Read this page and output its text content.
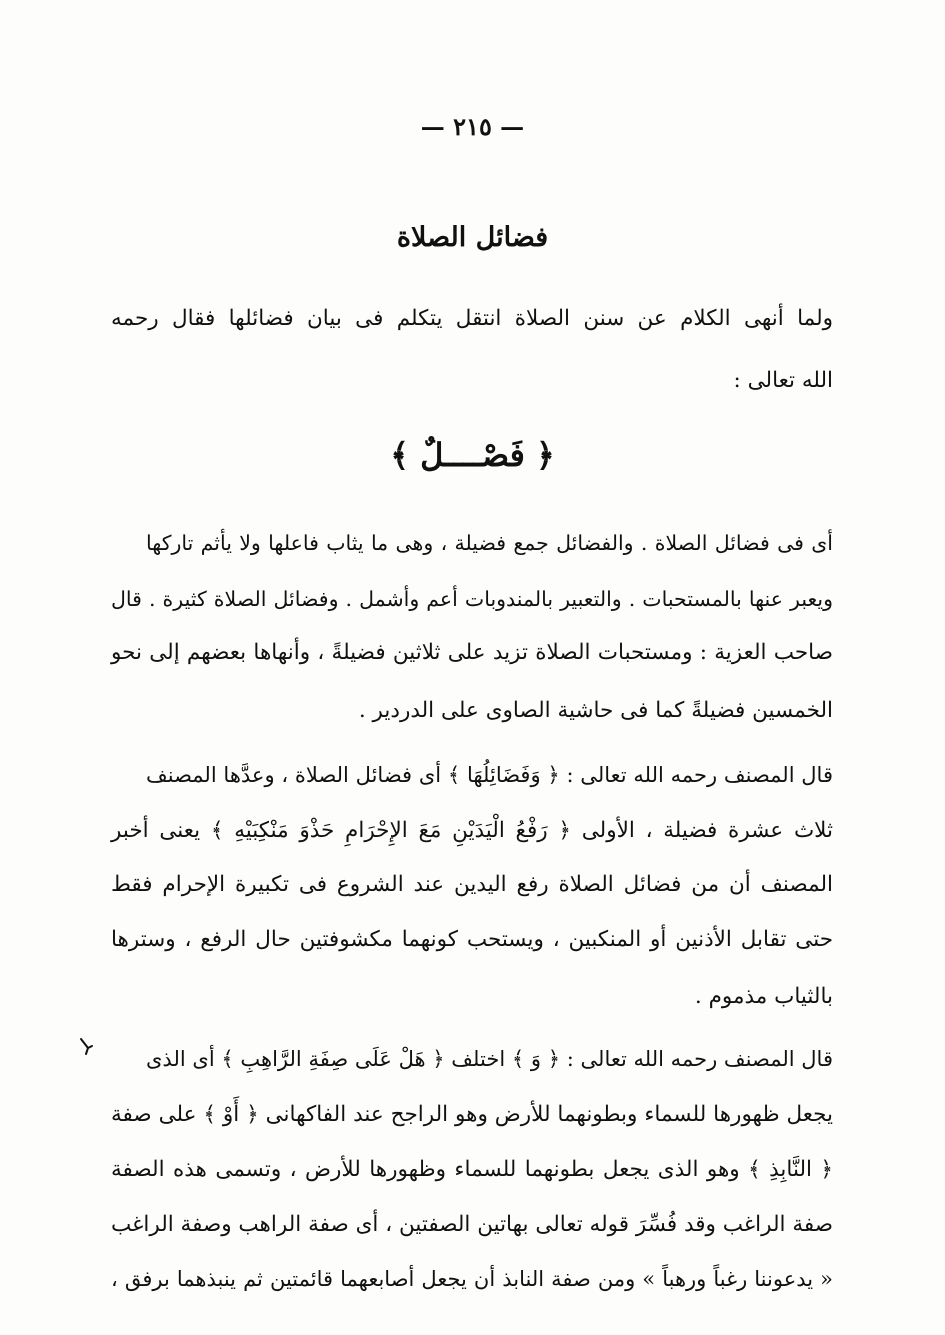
— ٢١٥ —
فضائل الصلاة
ولما أنهى الكلام عن سنن الصلاة انتقل يتكلم فى بيان فضائلها فقال رحمه
الله تعالى :
﴿ فَصْــــلٌ ﴾
أى فى فضائل الصلاة . والفضائل جمع فضيلة ، وهى ما يثاب فاعلها ولا يأثم تاركها
ويعبر عنها بالمستحبات . والتعبير بالمندوبات أعم وأشمل . وفضائل الصلاة كثيرة . قال
صاحب العزية : ومستحبات الصلاة تزيد على ثلاثين فضيلةً ، وأنهاها بعضهم إلى نحو
الخمسين فضيلةً كما فى حاشية الصاوى على الدردير .
قال المصنف رحمه الله تعالى : ﴿ وَفَضَائِلُهَا ﴾ أى فضائل الصلاة ، وعدَّها المصنف
ثلاث عشرة فضيلة ، الأولى ﴿ رَفْعُ الْيَدَيْنِ مَعَ الإِحْرَامِ حَذْوَ مَنْكِبَيْهِ ﴾ يعنى أخبر
المصنف أن من فضائل الصلاة رفع اليدين عند الشروع فى تكبيرة الإحرام فقط
حتى تقابل الأذنين أو المنكبين ، ويستحب كونهما مكشوفتين حال الرفع ، وسترها
بالثياب مذموم .
قال المصنف رحمه الله تعالى : ﴿ وَ ﴾ اختلف ﴿ هَلْ عَلَى صِفَةِ الرَّاهِبِ ﴾ أى الذى
يجعل ظهورها للسماء وبطونهما للأرض وهو الراجح عند الفاكهانى ﴿ أَوْ ﴾ على صفة
﴿ النَّابِذِ ﴾ وهو الذى يجعل بطونهما للسماء وظهورها للأرض ، وتسمى هذه الصفة
صفة الراغب وقد فُسِّرَ قوله تعالى بهاتين الصفتين ، أى صفة الراهب وصفة الراغب
« يدعوننا رغباً ورهباً » ومن صفة النابذ أن يجعل أصابعهما قائمتين ثم ينبذهما برفق ،
